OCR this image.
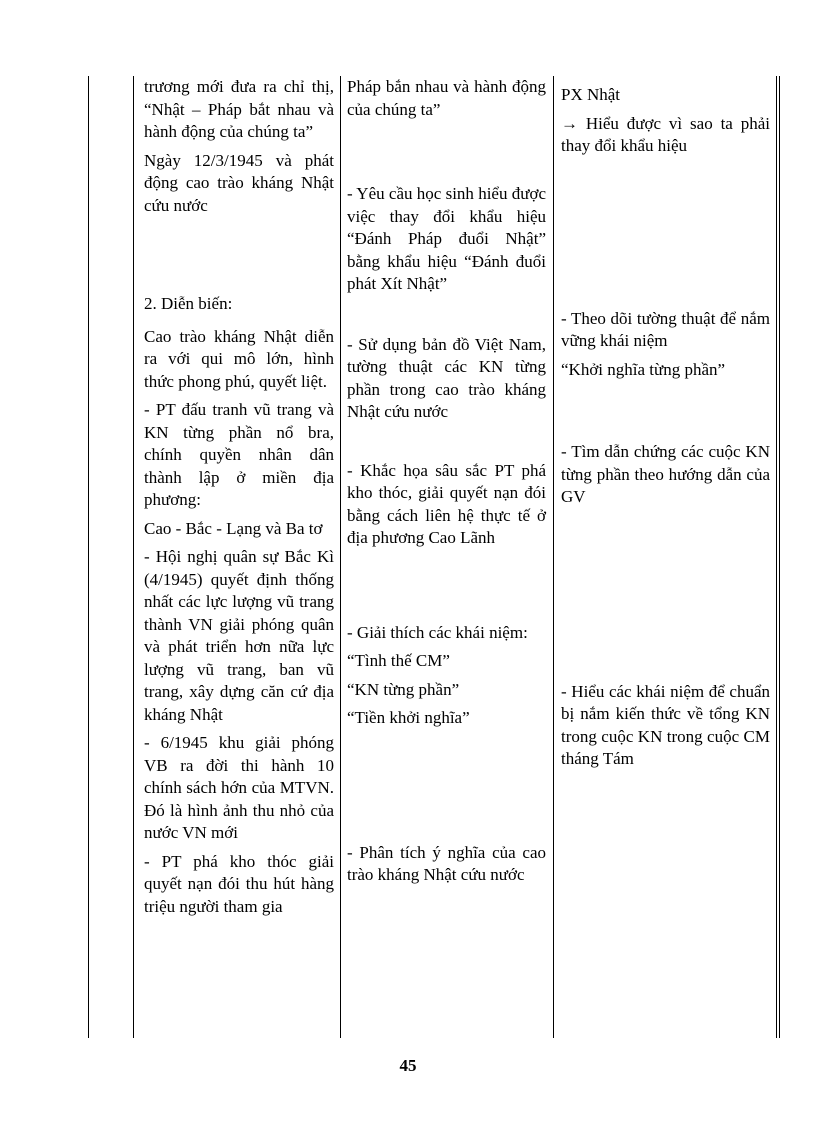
trương mới đưa ra chỉ thị, “Nhật – Pháp bắt nhau và hành động của chúng ta”

Ngày 12/3/1945 và phát động cao trào kháng Nhật cứu nước

2. Diễn biến:

Cao trào kháng Nhật diễn ra với qui mô lớn, hình thức phong phú, quyết liệt.

- PT đấu tranh vũ trang và KN từng phần nổ bra, chính quyền nhân dân thành lập ở miền địa phương:

Cao - Bắc - Lạng và Ba tơ

- Hội nghị quân sự Bắc Kì (4/1945) quyết định thống nhất các lực lượng vũ trang thành VN giải phóng quân và phát triển hơn nữa lực lượng vũ trang, ban vũ trang, xây dựng căn cứ địa kháng Nhật

- 6/1945 khu giải phóng VB ra đời thi hành 10 chính sách hớn của MTVN. Đó là hình ảnh thu nhỏ của nước VN mới

- PT phá kho thóc giải quyết nạn đói thu hút hàng triệu người tham gia

Pháp bắn nhau và hành động của chúng ta”

- Yêu cầu học sinh hiểu được việc thay đổi khẩu hiệu “Đánh Pháp đuổi Nhật” bằng khẩu hiệu “Đánh đuổi phát Xít Nhật”

- Sử dụng bản đồ Việt Nam, tường thuật các KN từng phần trong cao trào kháng Nhật cứu nước

- Khắc họa sâu sắc PT phá kho thóc, giải quyết nạn đói bằng cách liên hệ thực tế ở địa phương Cao Lãnh

- Giải thích các khái niệm:

“Tình thế CM”

“KN từng phần”

“Tiền khởi nghĩa”

- Phân tích ý nghĩa của cao trào kháng Nhật cứu nước

PX Nhật

→ Hiểu được vì sao ta phải thay đổi khẩu hiệu

- Theo dõi tường thuật để nắm vững khái niệm

“Khởi nghĩa từng phần”

- Tìm dẫn chứng các cuộc KN từng phần theo hướng dẫn của GV

- Hiểu các khái niệm để chuẩn bị nắm kiến thức về tổng KN trong cuộc KN trong cuộc CM tháng Tám

45
